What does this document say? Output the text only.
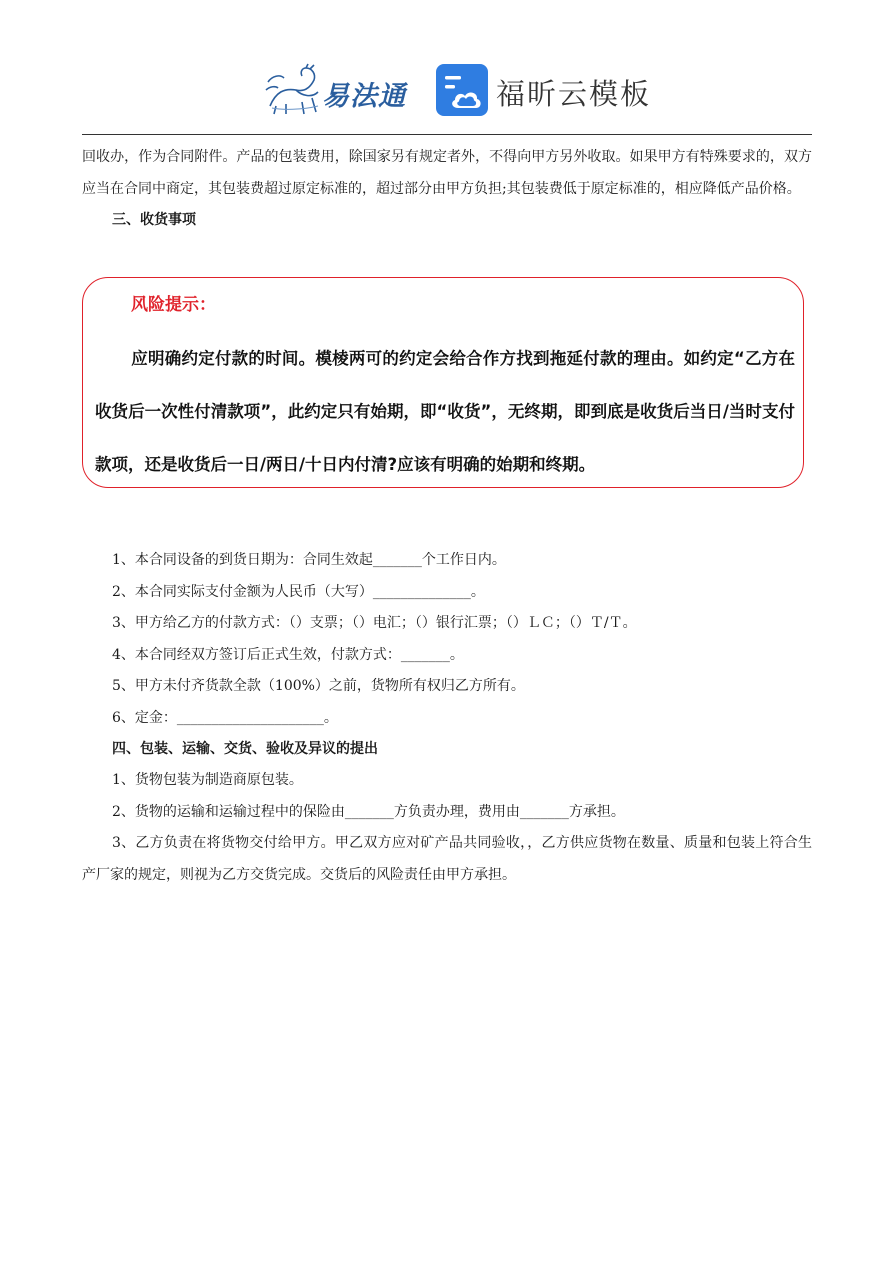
易法通	福昕云模板

回收办，作为合同附件。产品的包装费用，除国家另有规定者外，不得向甲方另外收取。如果甲方有特殊要求的，双方应当在合同中商定，其包装费超过原定标准的，超过部分由甲方负担;其包装费低于原定标准的，相应降低产品价格。

三、收货事项

风险提示：
应明确约定付款的时间。模棱两可的约定会给合作方找到拖延付款的理由。如约定“乙方在收货后一次性付清款项”，此约定只有始期，即“收货”，无终期，即到底是收货后当日/当时支付款项，还是收货后一日/两日/十日内付清?应该有明确的始期和终期。

1、本合同设备的到货日期为：合同生效起_______个工作日内。

2、本合同实际支付金额为人民币（大写）______________。

3、甲方给乙方的付款方式：（）支票；（）电汇；（）银行汇票；（）ＬＣ；（）Ｔ/Ｔ。

4、本合同经双方签订后正式生效，付款方式：_______。

5、甲方未付齐货款全款（100%）之前，货物所有权归乙方所有。

6、定金：_____________________。

四、包装、运输、交货、验收及异议的提出

1、货物包装为制造商原包装。

2、货物的运输和运输过程中的保险由_______方负责办理，费用由_______方承担。

3、乙方负责在将货物交付给甲方。甲乙双方应对矿产品共同验收，，乙方供应货物在数量、质量和包装上符合生产厂家的规定，则视为乙方交货完成。交货后的风险责任由甲方承担。
